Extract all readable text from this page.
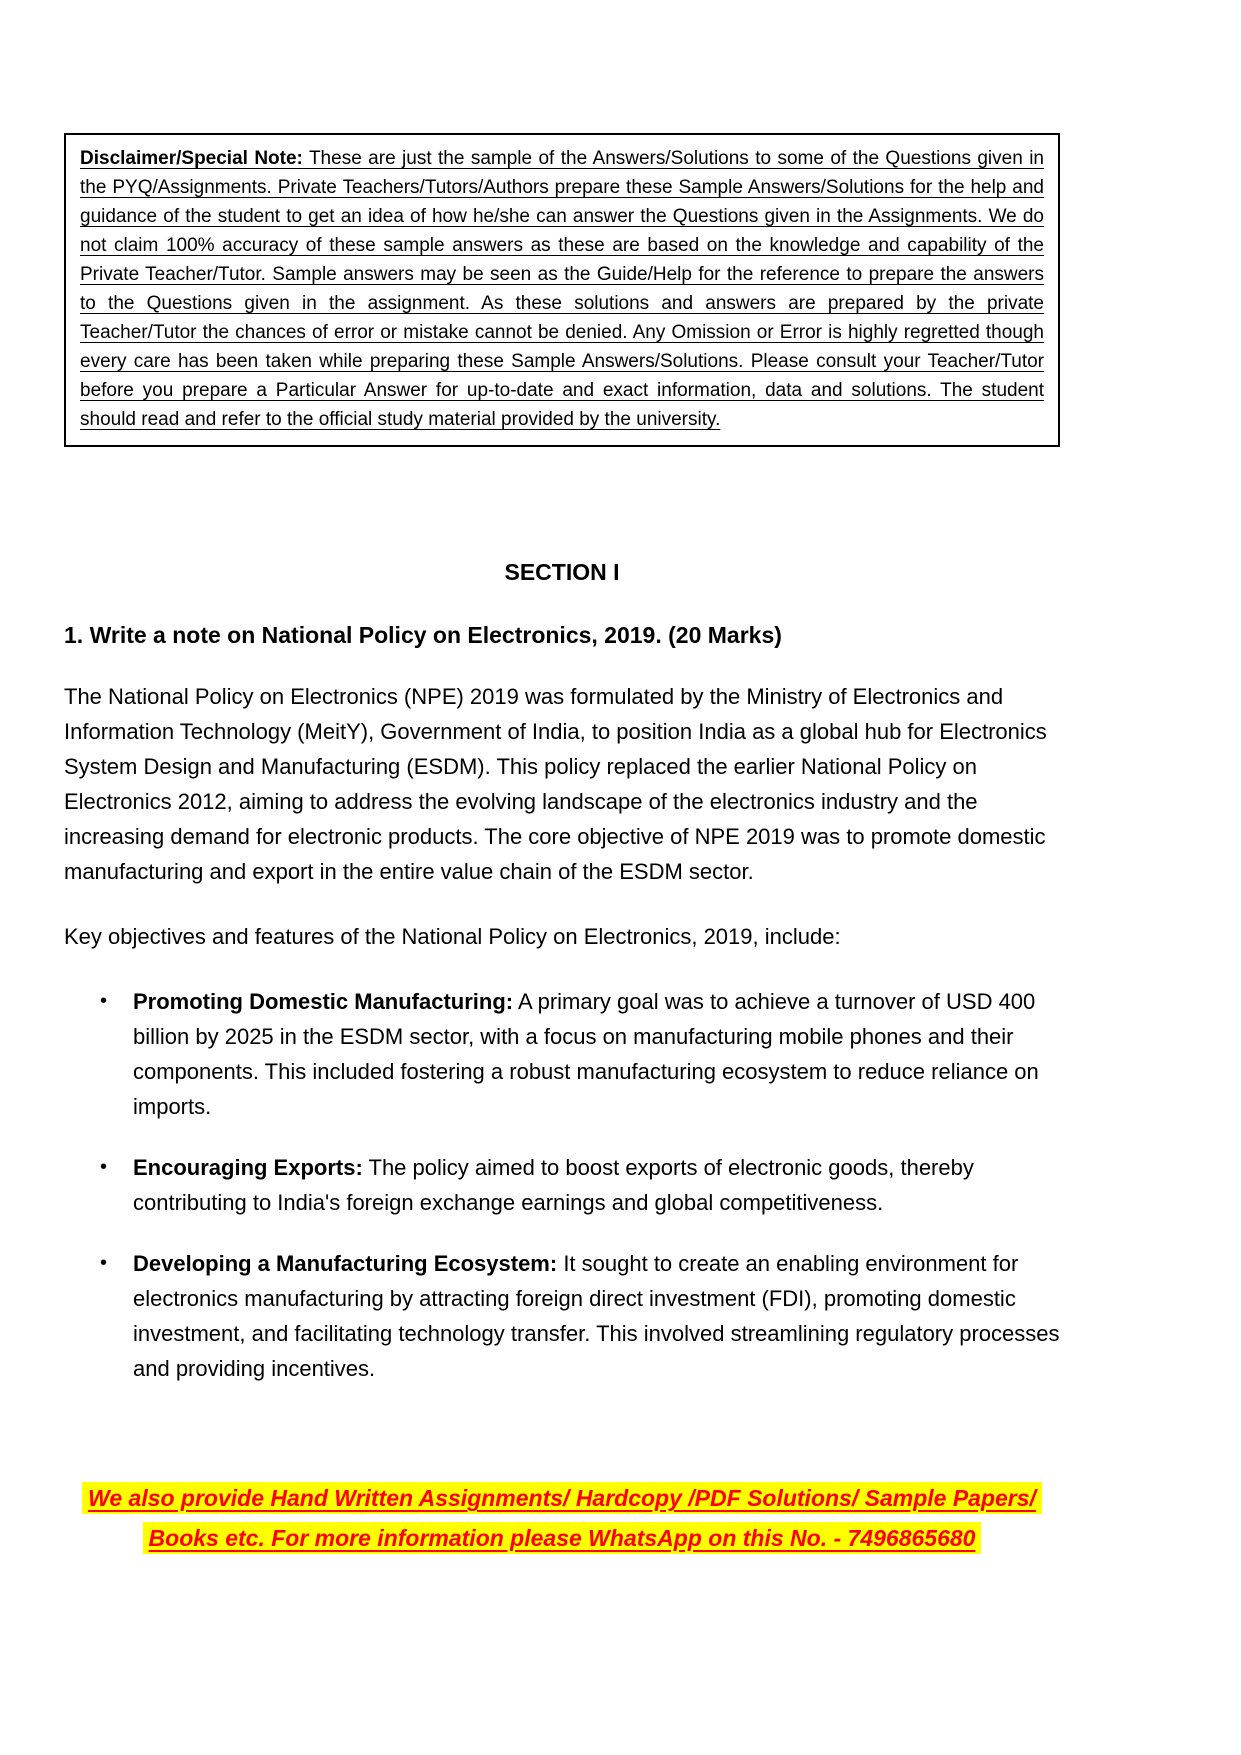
Disclaimer/Special Note: These are just the sample of the Answers/Solutions to some of the Questions given in the PYQ/Assignments. Private Teachers/Tutors/Authors prepare these Sample Answers/Solutions for the help and guidance of the student to get an idea of how he/she can answer the Questions given in the Assignments. We do not claim 100% accuracy of these sample answers as these are based on the knowledge and capability of the Private Teacher/Tutor. Sample answers may be seen as the Guide/Help for the reference to prepare the answers to the Questions given in the assignment. As these solutions and answers are prepared by the private Teacher/Tutor the chances of error or mistake cannot be denied. Any Omission or Error is highly regretted though every care has been taken while preparing these Sample Answers/Solutions. Please consult your Teacher/Tutor before you prepare a Particular Answer for up-to-date and exact information, data and solutions. The student should read and refer to the official study material provided by the university.

SECTION I
1. Write a note on National Policy on Electronics, 2019. (20 Marks)

The National Policy on Electronics (NPE) 2019 was formulated by the Ministry of Electronics and Information Technology (MeitY), Government of India, to position India as a global hub for Electronics System Design and Manufacturing (ESDM). This policy replaced the earlier National Policy on Electronics 2012, aiming to address the evolving landscape of the electronics industry and the increasing demand for electronic products. The core objective of NPE 2019 was to promote domestic manufacturing and export in the entire value chain of the ESDM sector.

Key objectives and features of the National Policy on Electronics, 2019, include:

• Promoting Domestic Manufacturing: A primary goal was to achieve a turnover of USD 400 billion by 2025 in the ESDM sector, with a focus on manufacturing mobile phones and their components. This included fostering a robust manufacturing ecosystem to reduce reliance on imports.
• Encouraging Exports: The policy aimed to boost exports of electronic goods, thereby contributing to India's foreign exchange earnings and global competitiveness.
• Developing a Manufacturing Ecosystem: It sought to create an enabling environment for electronics manufacturing by attracting foreign direct investment (FDI), promoting domestic investment, and facilitating technology transfer. This involved streamlining regulatory processes and providing incentives.
We also provide Hand Written Assignments/ Hardcopy /PDF Solutions/ Sample Papers/
Books etc. For more information please WhatsApp on this No. - 7496865680
